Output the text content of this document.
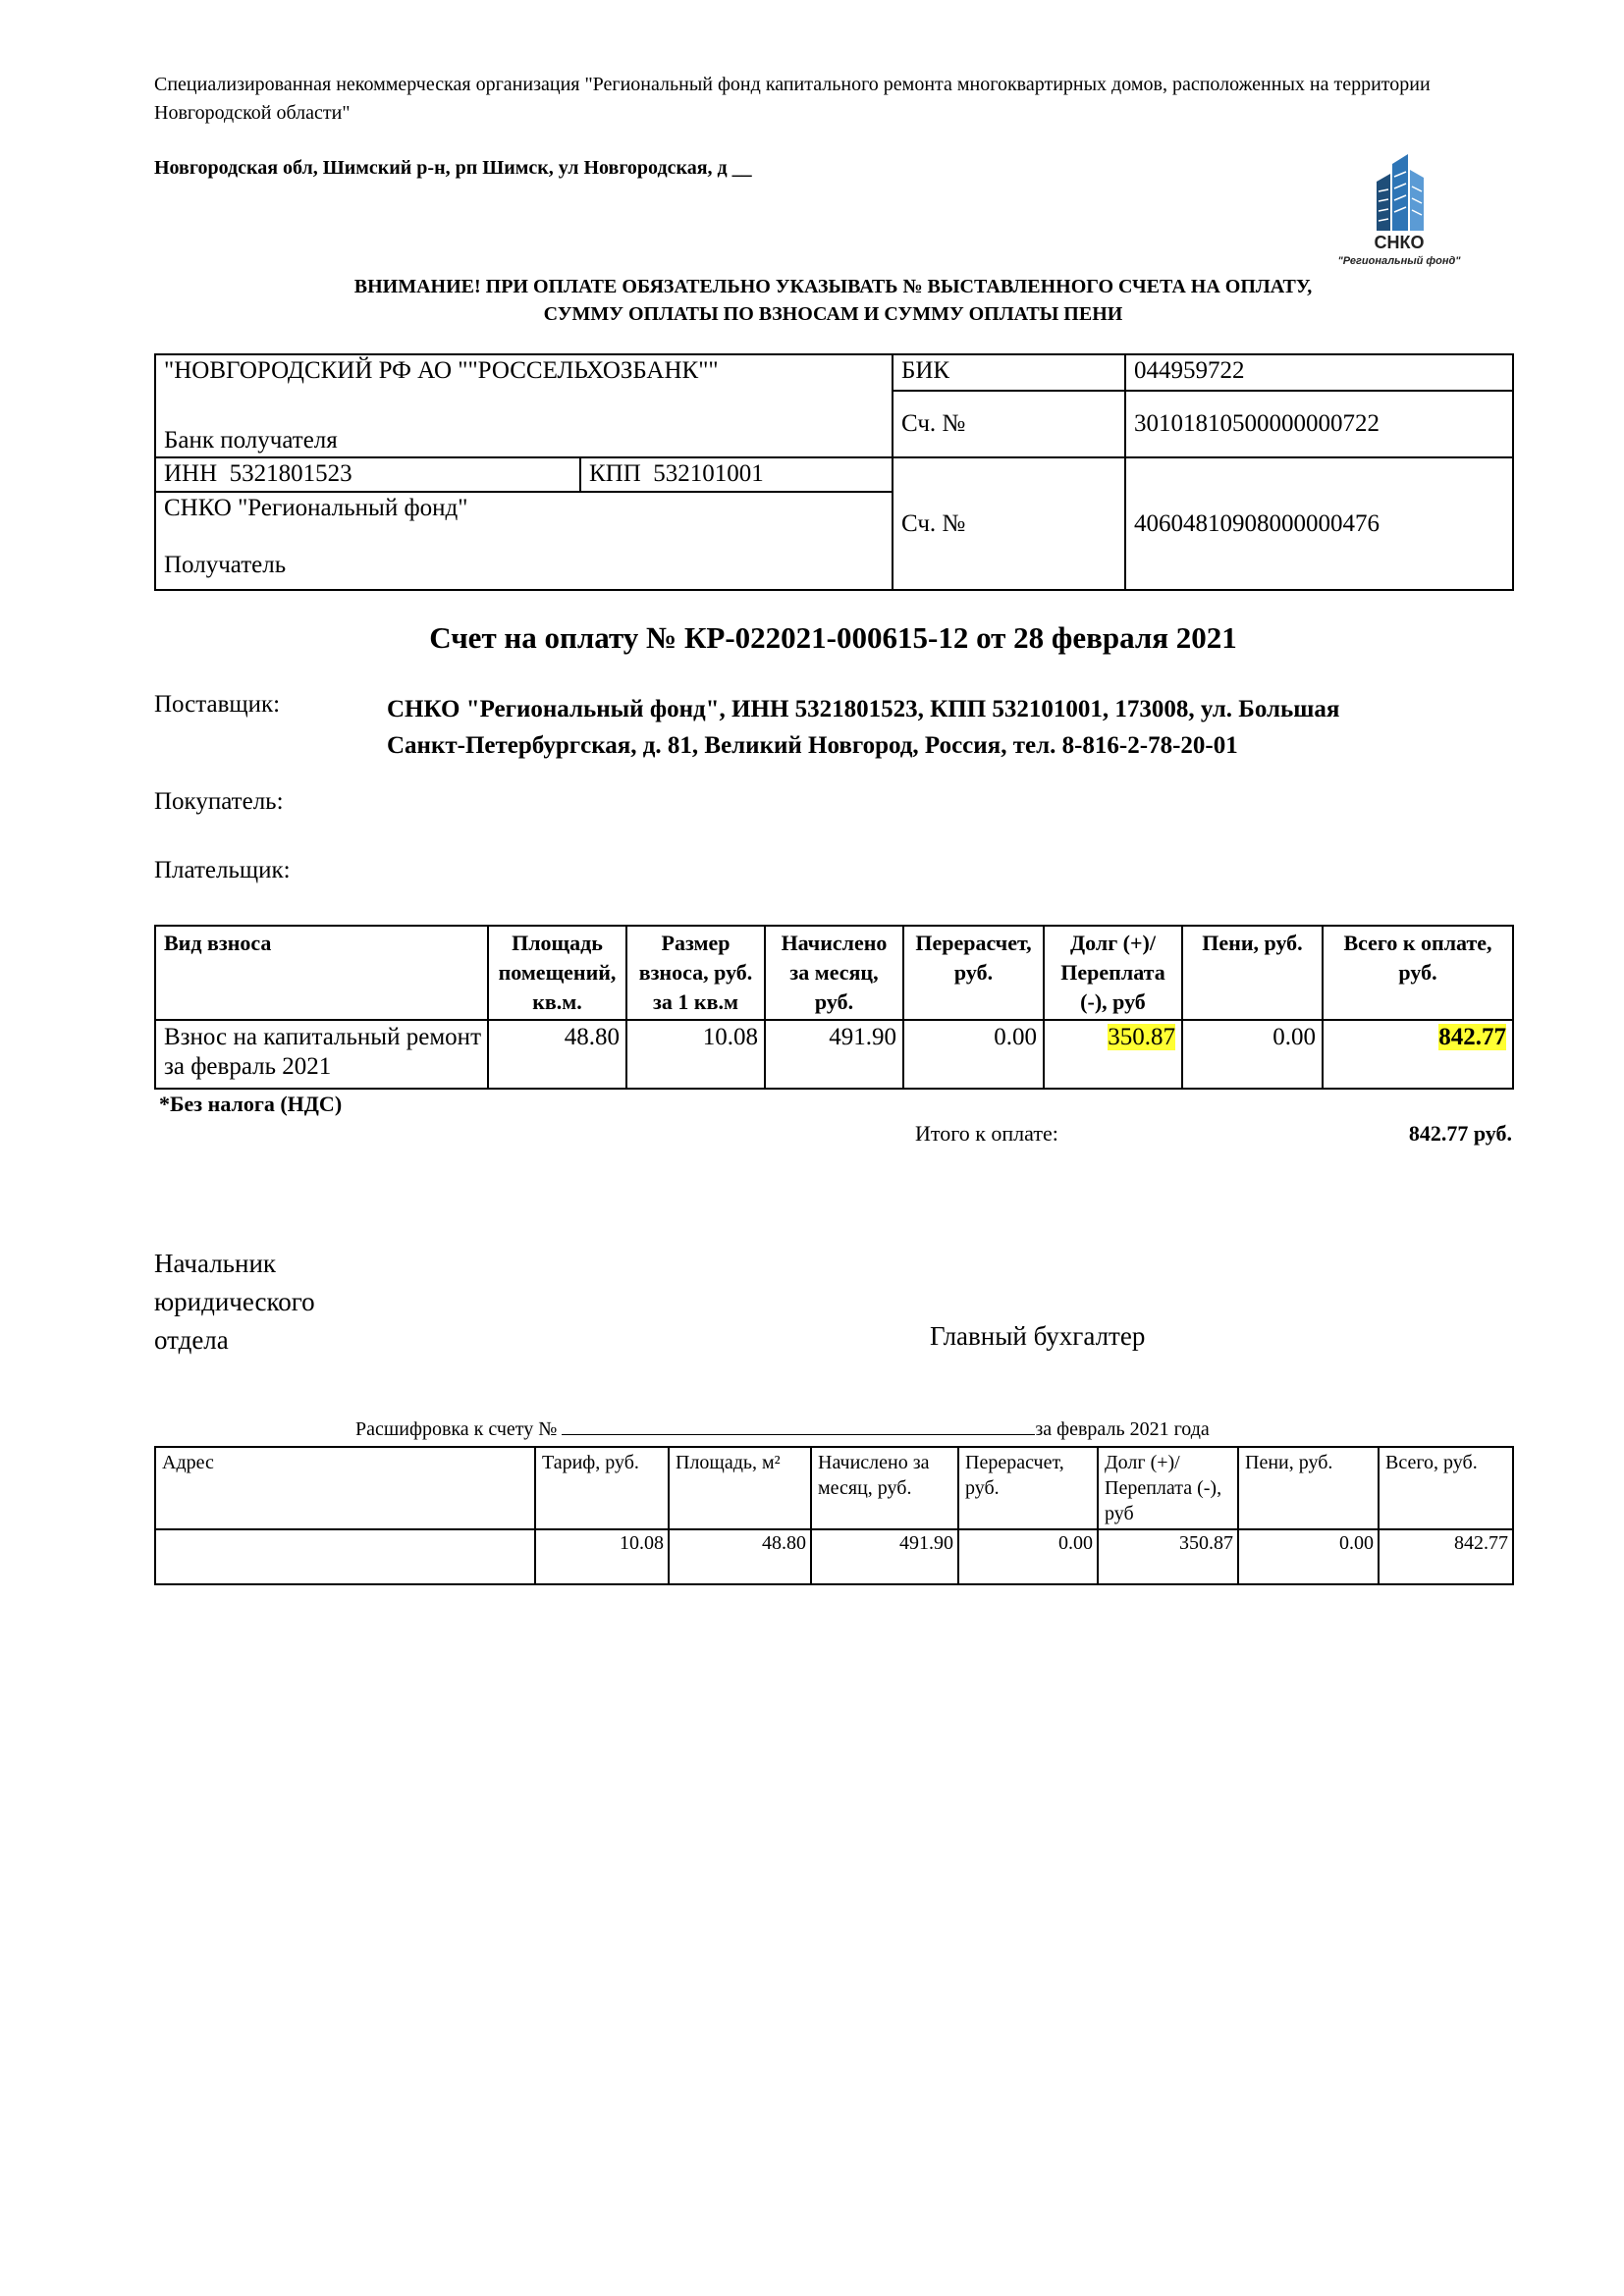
Специализированная некоммерческая организация "Региональный фонд капитального ремонта многоквартирных домов, расположенных на территории Новгородской области"
Новгородская обл, Шимский р-н, рп Шимск, ул Новгородская, д __
СНКО
"Региональный фонд"
ВНИМАНИЕ! ПРИ ОПЛАТЕ ОБЯЗАТЕЛЬНО УКАЗЫВАТЬ № ВЫСТАВЛЕННОГО СЧЕТА НА ОПЛАТУ,
СУММУ ОПЛАТЫ ПО ВЗНОСАМ И СУММУ ОПЛАТЫ ПЕНИ
"НОВГОРОДСКИЙ РФ АО ""РОССЕЛЬХОЗБАНК""		БИК	044959722
Банк получателя		Сч. №	30101810500000000722
ИНН 5321801523	КПП 532101001	Сч. №	40604810908000000476

СНКО "Региональный фонд"
Получатель			
Счет на оплату № КР-022021-000615-12 от 28 февраля 2021
Поставщик:	СНКО "Региональный фонд", ИНН 5321801523, КПП 532101001, 173008, ул. Большая
Санкт-Петербургская, д. 81, Великий Новгород, Россия, тел. 8-816-2-78-20-01
Покупатель:
Плательщик:
Вид взноса	Площадь помещений, кв.м.	Размер взноса, руб. за 1 кв.м	Начислено за месяц, руб.	Перерасчет, руб.	Долг (+)/ Переплата (-), руб	Пени, руб.	Всего к оплате, руб.
Взнос на капитальный ремонт за февраль 2021	48.80	10.08	491.90	0.00	350.87	0.00	842.77
*Без налога (НДС)
Итого к оплате:	842.77 руб.
Начальник
юридического
отдела	Главный бухгалтер
Расшифровка к счету №	за февраль 2021 года
Адрес	Тариф, руб.	Площадь, м²	Начислено за месяц, руб.	Перерасчет, руб.	Долг (+)/ Переплата (-), руб	Пени, руб.	Всего, руб.
	10.08	48.80	491.90	0.00	350.87	0.00	842.77
